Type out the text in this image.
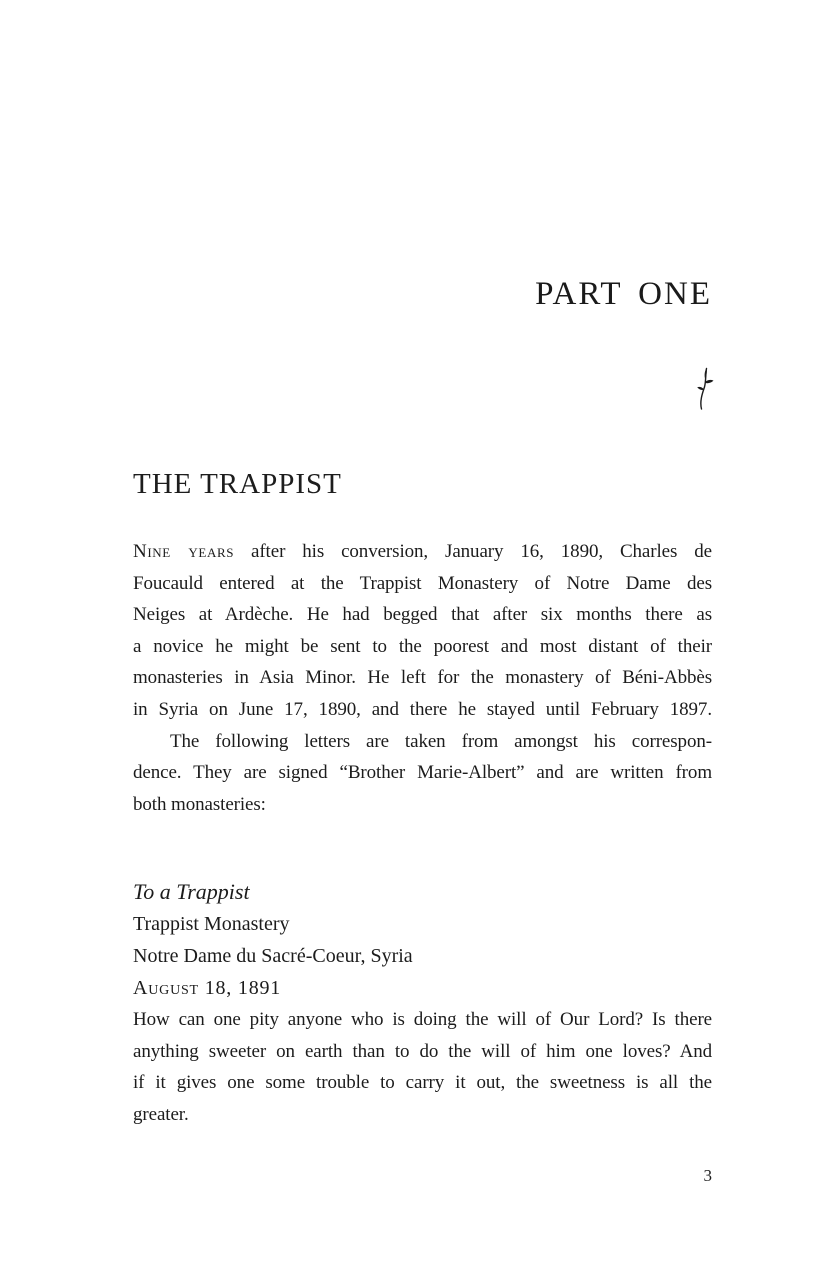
PART ONE
THE TRAPPIST
Nine years after his conversion, January 16, 1890, Charles de
Foucauld entered at the Trappist Monastery of Notre Dame des
Neiges at Ardèche. He had begged that after six months there as
a novice he might be sent to the poorest and most distant of their
monasteries in Asia Minor. He left for the monastery of Béni-Abbès
in Syria on June 17, 1890, and there he stayed until February 1897.
The following letters are taken from amongst his correspon-
dence. They are signed “Brother Marie-Albert” and are written from
both monasteries:
To a Trappist
Trappist Monastery
Notre Dame du Sacré-Coeur, Syria
August 18, 1891
How can one pity anyone who is doing the will of Our Lord? Is there
anything sweeter on earth than to do the will of him one loves? And
if it gives one some trouble to carry it out, the sweetness is all the
greater.
3
